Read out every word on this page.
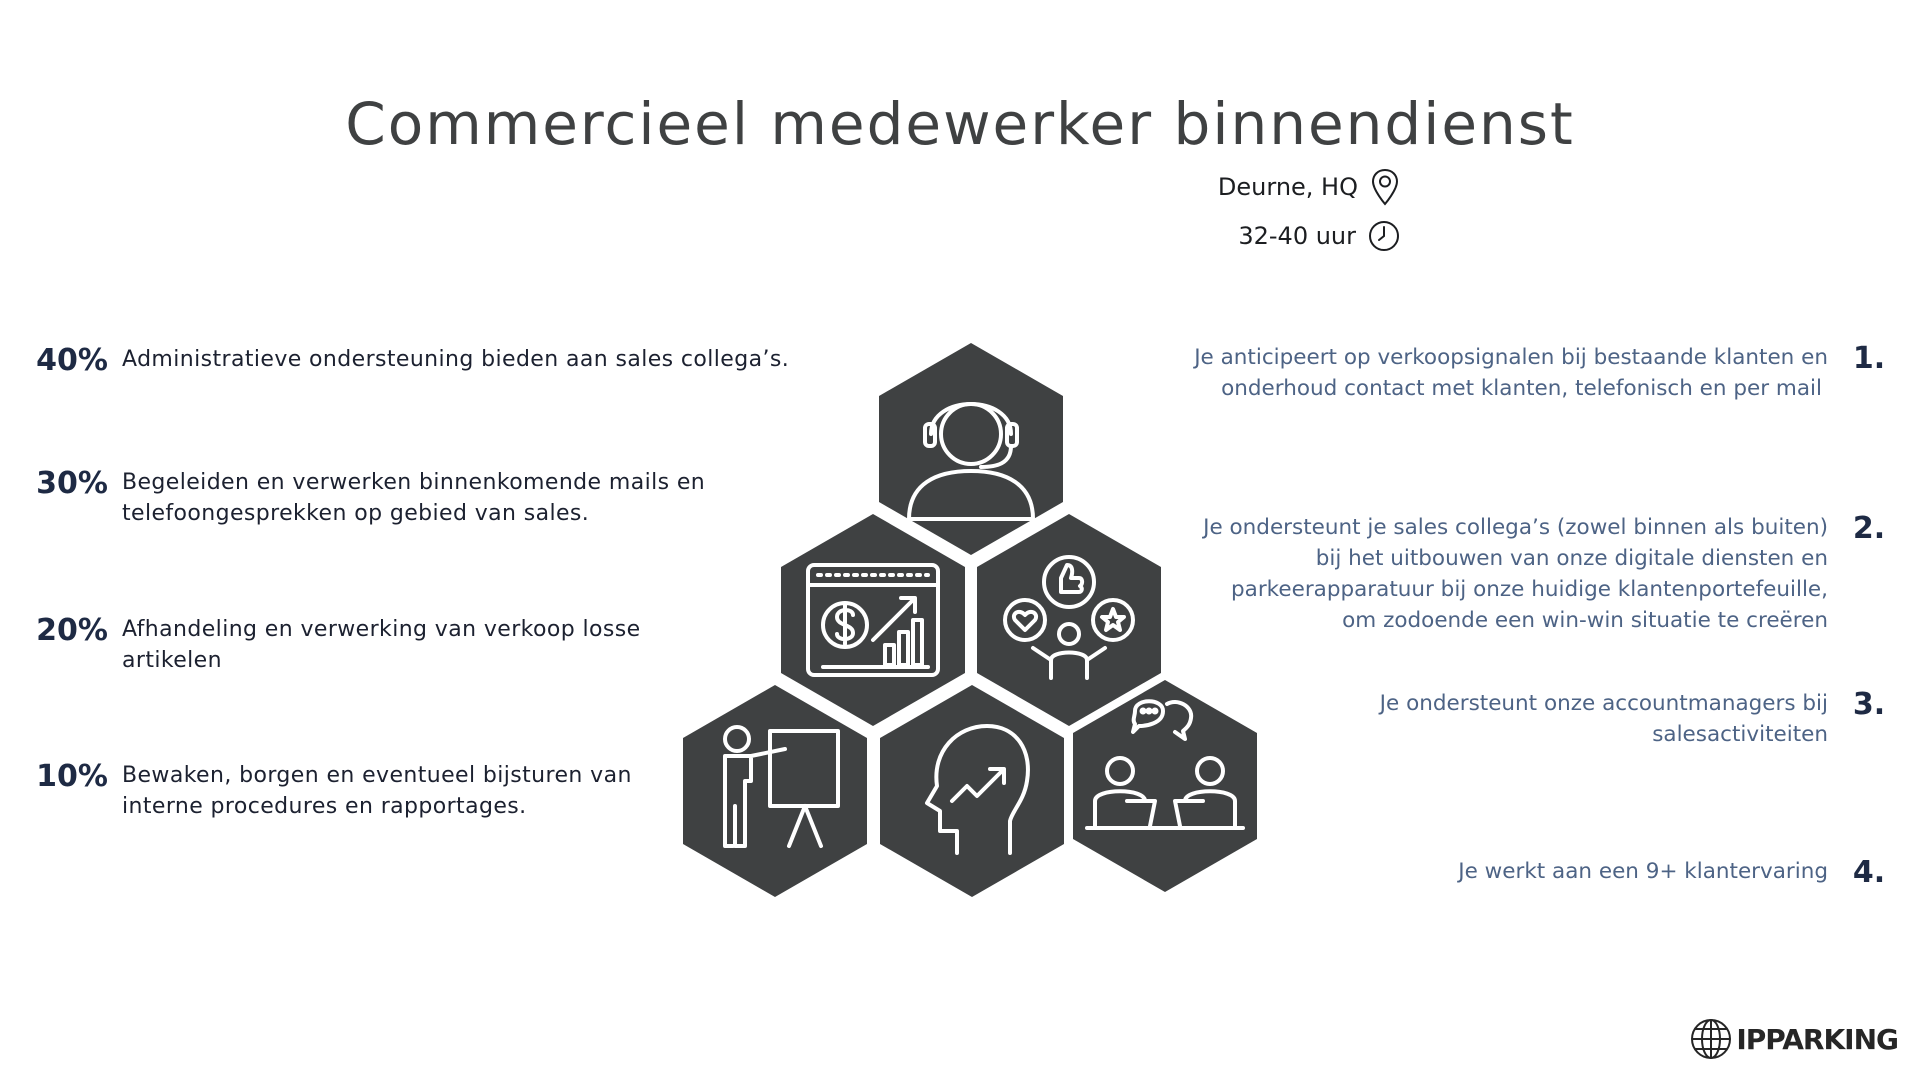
Commercieel medewerker binnendienst
Deurne, HQ
32-40 uur
40% Administratieve ondersteuning bieden aan sales collega’s.
30% Begeleiden en verwerken binnenkomende mails en telefoongesprekken op gebied van sales.
20% Afhandeling en verwerking van verkoop losse artikelen
10% Bewaken, borgen en eventueel bijsturen van interne procedures en rapportages.
Je anticipeert op verkoopsignalen bij bestaande klanten en
onderhoud contact met klanten, telefonisch en per mail
1.
Je ondersteunt je sales collega’s (zowel binnen als buiten)
bij het uitbouwen van onze digitale diensten en
parkeerapparatuur bij onze huidige klantenportefeuille,
om zodoende een win-win situatie te creëren
2.
Je ondersteunt onze accountmanagers bij
salesactiviteiten
3.
Je werkt aan een 9+ klantervaring 4.
IPPARKING
